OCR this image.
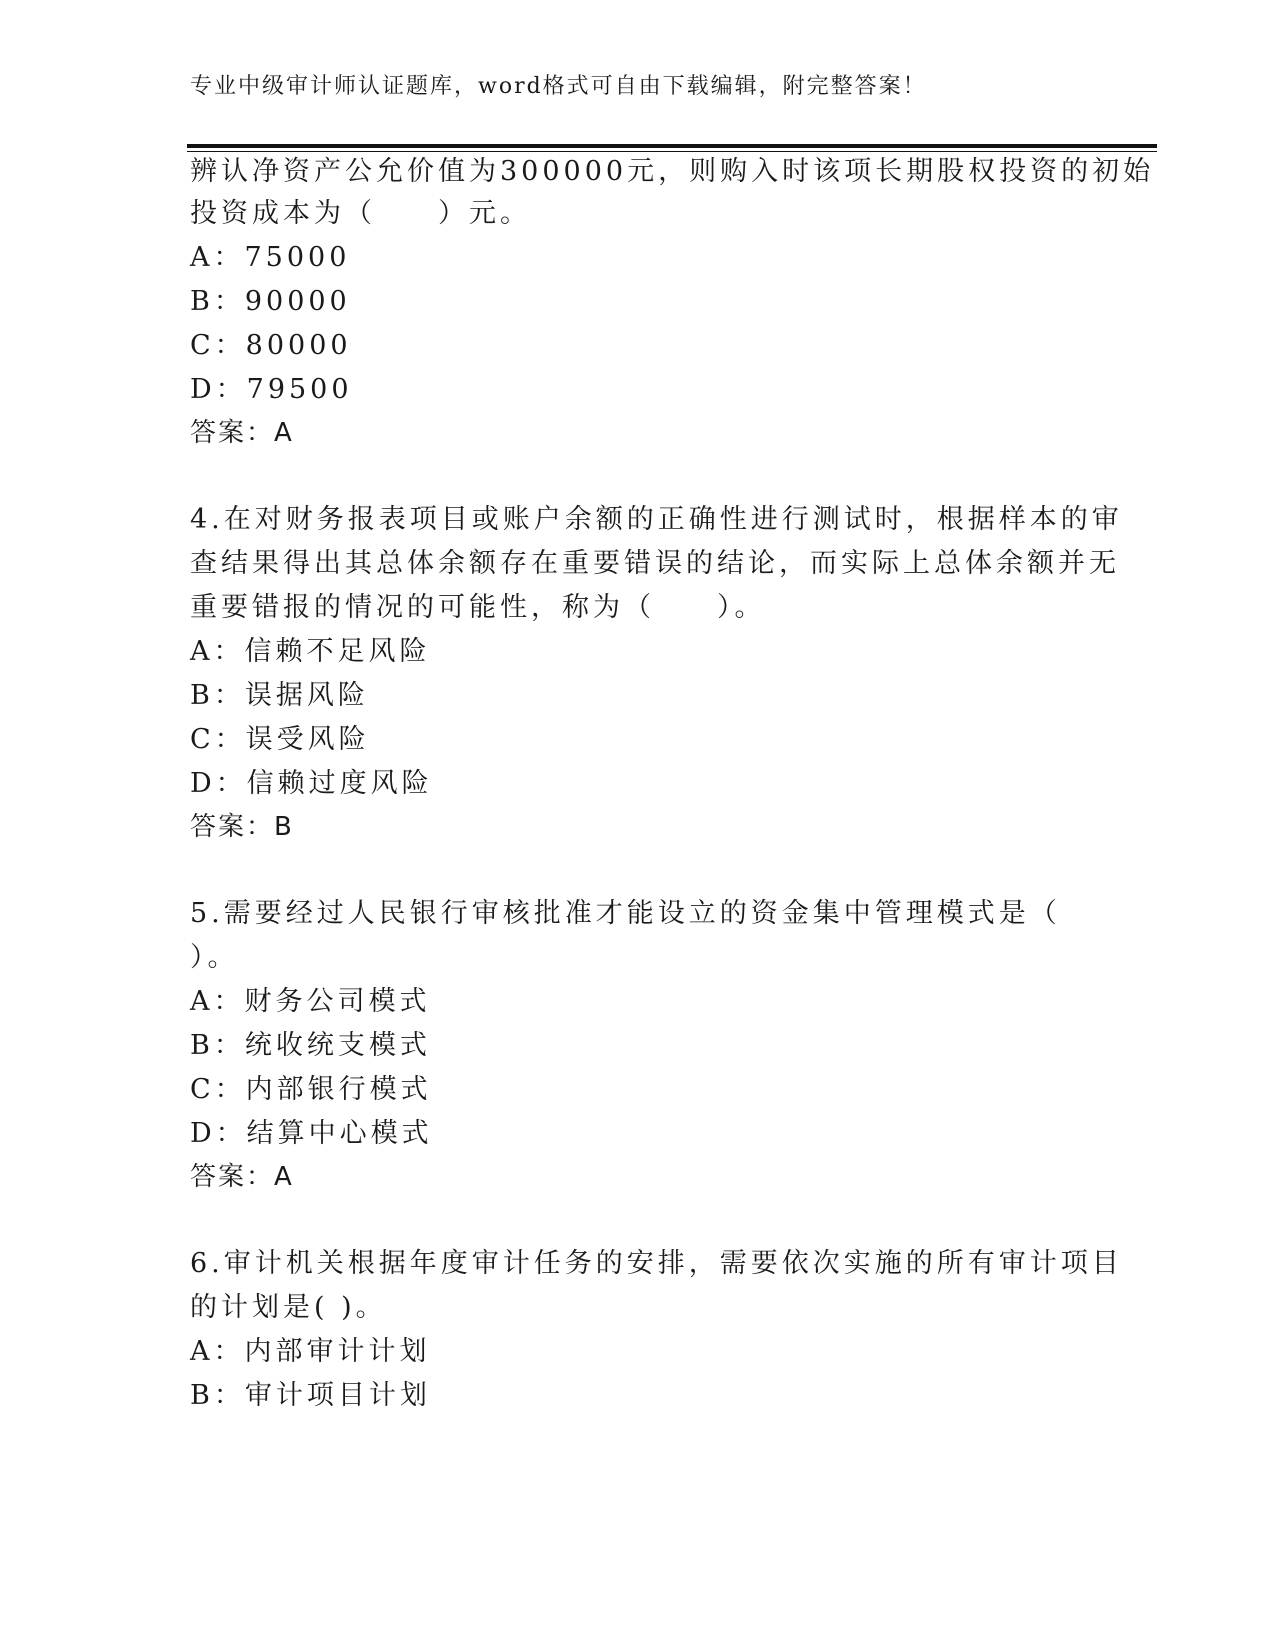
专业中级审计师认证题库，word格式可自由下载编辑，附完整答案！
辨认净资产公允价值为300000元，则购入时该项长期股权投资的初始
投资成本为（　　）元。
A：75000
B：90000
C：80000
D：79500
答案：A
4.在对财务报表项目或账户余额的正确性进行测试时，根据样本的审
查结果得出其总体余额存在重要错误的结论，而实际上总体余额并无
重要错报的情况的可能性，称为（　　）。
A：信赖不足风险
B：误据风险
C：误受风险
D：信赖过度风险
答案：B
5.需要经过人民银行审核批准才能设立的资金集中管理模式是（
）。
A：财务公司模式
B：统收统支模式
C：内部银行模式
D：结算中心模式
答案：A
6.审计机关根据年度审计任务的安排，需要依次实施的所有审计项目
的计划是( )。
A：内部审计计划
B：审计项目计划
